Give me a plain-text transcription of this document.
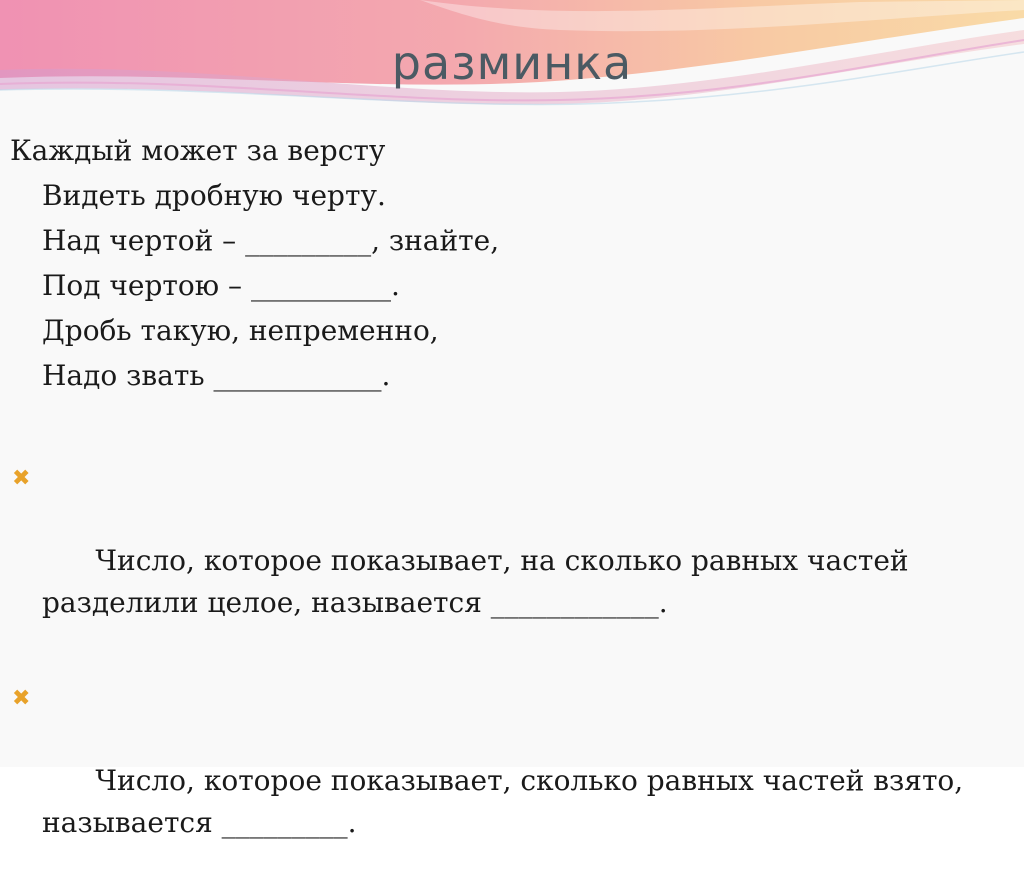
разминка
Каждый может за версту
Видеть дробную черту.
Над чертой – _________, знайте,
Под чертою – __________.
Дробь такую, непременно,
Надо звать ____________.

✖

Число, которое показывает, на сколько равных частей разделили целое, называется ____________.

✖

Число, которое показывает, сколько равных частей взято, называется _________.
